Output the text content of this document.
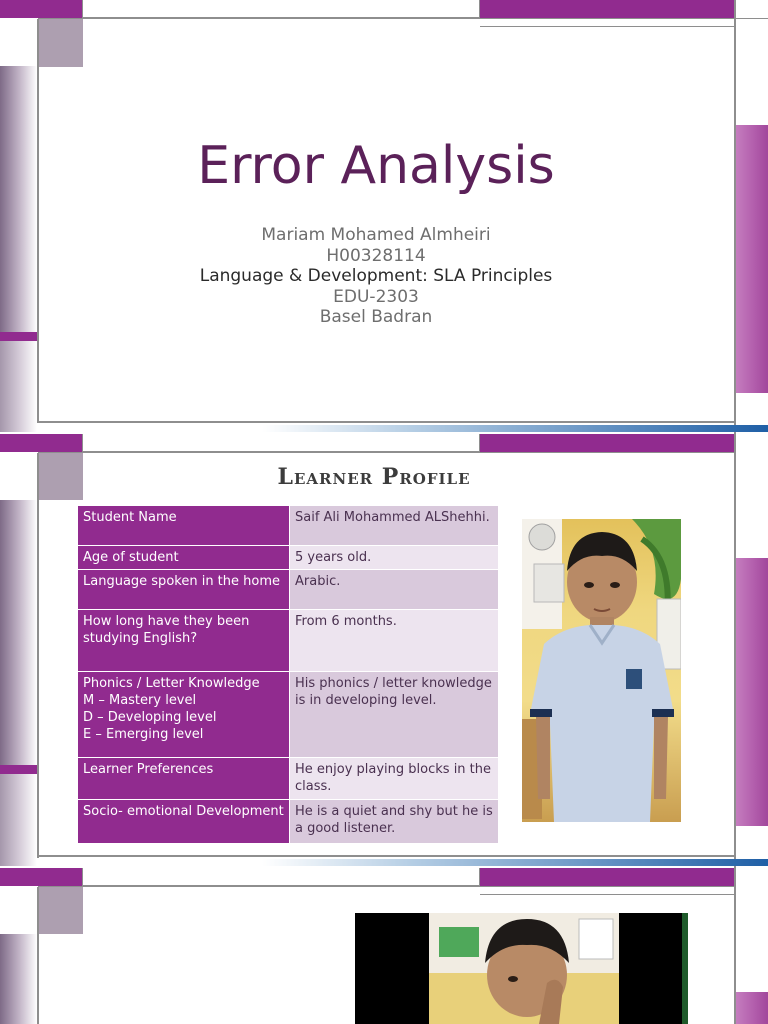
Error Analysis
Mariam Mohamed Almheiri
H00328114
Language & Development: SLA Principles
EDU-2303
Basel Badran
Learner Profile
Student Name	Saif Ali Mohammed ALShehhi.
Age of student	5 years old.
Language spoken in the home	Arabic.
How long have they been studying English?	From 6 months.
Phonics / Letter Knowledge
M – Mastery level
D – Developing level
E – Emerging level	His phonics / letter knowledge is in developing level.
Learner Preferences	He enjoy playing blocks in the class.
Socio- emotional Development	He is a quiet and shy but he is a good listener.
